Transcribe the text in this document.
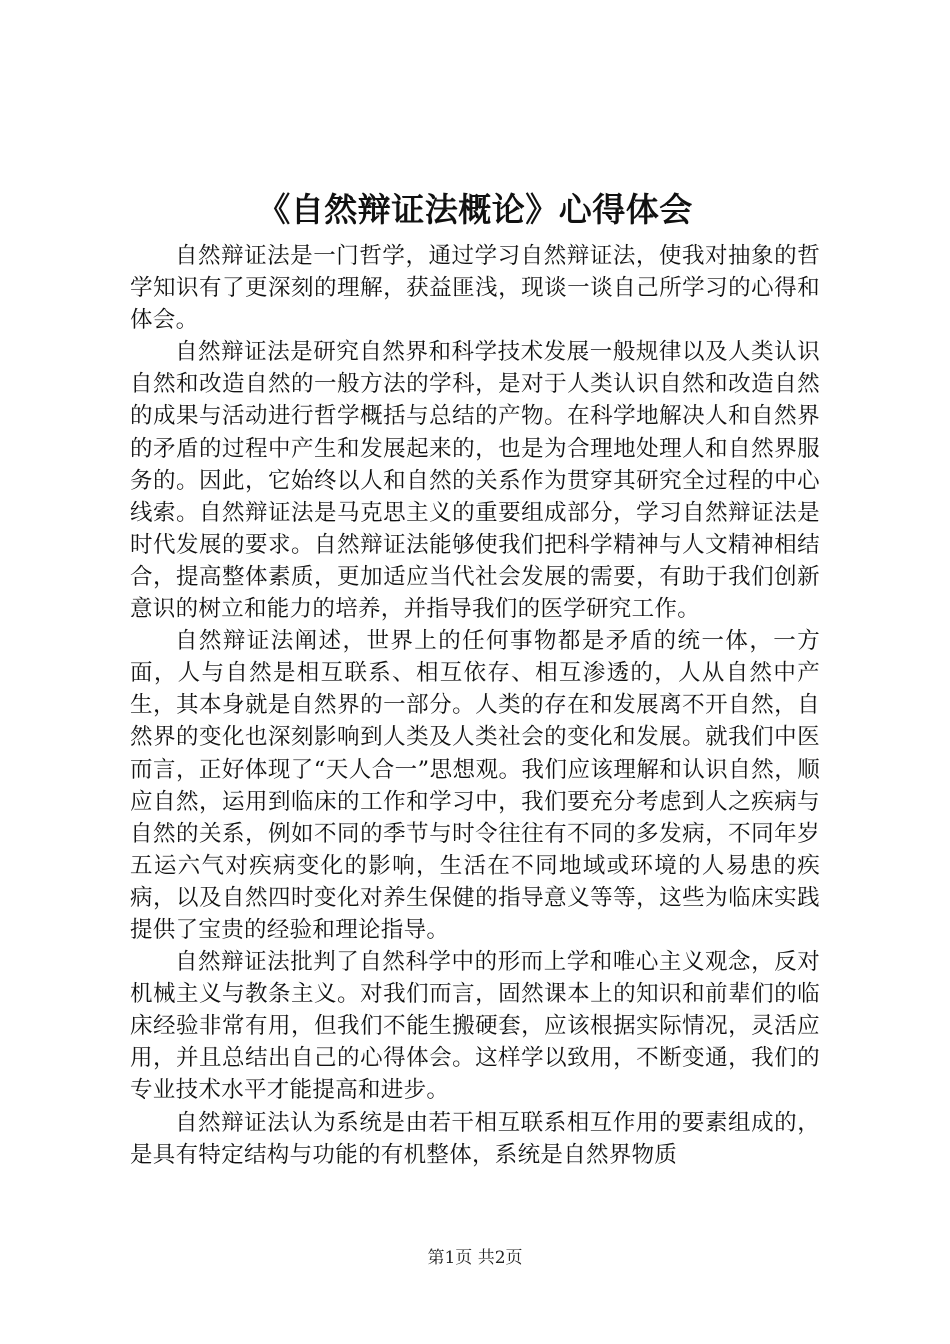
《自然辩证法概论》心得体会

自然辩证法是一门哲学，通过学习自然辩证法，使我对抽象的哲学知识有了更深刻的理解，获益匪浅，现谈一谈自己所学习的心得和体会。

自然辩证法是研究自然界和科学技术发展一般规律以及人类认识自然和改造自然的一般方法的学科，是对于人类认识自然和改造自然的成果与活动进行哲学概括与总结的产物。在科学地解决人和自然界的矛盾的过程中产生和发展起来的，也是为合理地处理人和自然界服务的。因此，它始终以人和自然的关系作为贯穿其研究全过程的中心线索。自然辩证法是马克思主义的重要组成部分，学习自然辩证法是时代发展的要求。自然辩证法能够使我们把科学精神与人文精神相结合，提高整体素质，更加适应当代社会发展的需要，有助于我们创新意识的树立和能力的培养，并指导我们的医学研究工作。

自然辩证法阐述，世界上的任何事物都是矛盾的统一体，一方面，人与自然是相互联系、相互依存、相互渗透的，人从自然中产生，其本身就是自然界的一部分。人类的存在和发展离不开自然，自然界的变化也深刻影响到人类及人类社会的变化和发展。就我们中医而言，正好体现了“天人合一”思想观。我们应该理解和认识自然，顺应自然，运用到临床的工作和学习中，我们要充分考虑到人之疾病与自然的关系，例如不同的季节与时令往往有不同的多发病，不同年岁五运六气对疾病变化的影响，生活在不同地域或环境的人易患的疾病，以及自然四时变化对养生保健的指导意义等等，这些为临床实践提供了宝贵的经验和理论指导。

自然辩证法批判了自然科学中的形而上学和唯心主义观念，反对机械主义与教条主义。对我们而言，固然课本上的知识和前辈们的临床经验非常有用，但我们不能生搬硬套，应该根据实际情况，灵活应用，并且总结出自己的心得体会。这样学以致用，不断变通，我们的专业技术水平才能提高和进步。

自然辩证法认为系统是由若干相互联系相互作用的要素组成的，是具有特定结构与功能的有机整体，系统是自然界物质

第1页 共2页
